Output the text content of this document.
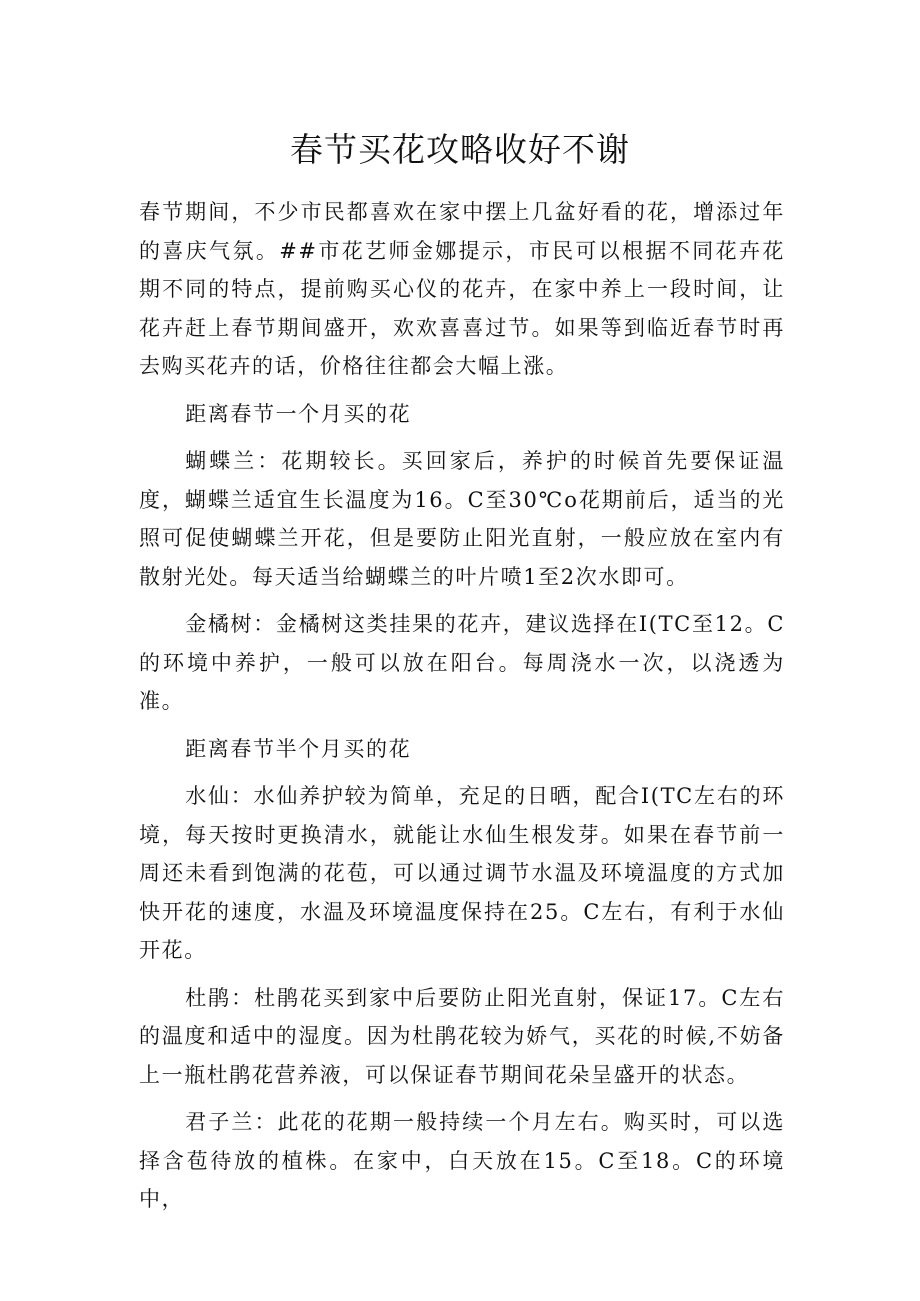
春节买花攻略收好不谢

春节期间，不少市民都喜欢在家中摆上几盆好看的花，增添过年的喜庆气氛。##市花艺师金娜提示，市民可以根据不同花卉花期不同的特点，提前购买心仪的花卉，在家中养上一段时间，让花卉赶上春节期间盛开，欢欢喜喜过节。如果等到临近春节时再去购买花卉的话，价格往往都会大幅上涨。

距离春节一个月买的花

蝴蝶兰：花期较长。买回家后，养护的时候首先要保证温度，蝴蝶兰适宜生长温度为16。C至30℃o花期前后，适当的光照可促使蝴蝶兰开花，但是要防止阳光直射，一般应放在室内有散射光处。每天适当给蝴蝶兰的叶片喷1至2次水即可。

金橘树：金橘树这类挂果的花卉，建议选择在I(TC至12。C的环境中养护，一般可以放在阳台。每周浇水一次，以浇透为准。

距离春节半个月买的花

水仙：水仙养护较为简单，充足的日晒，配合I(TC左右的环境，每天按时更换清水，就能让水仙生根发芽。如果在春节前一周还未看到饱满的花苞，可以通过调节水温及环境温度的方式加快开花的速度，水温及环境温度保持在25。C左右，有利于水仙开花。

杜鹃：杜鹃花买到家中后要防止阳光直射，保证17。C左右的温度和适中的湿度。因为杜鹃花较为娇气，买花的时候,不妨备上一瓶杜鹃花营养液，可以保证春节期间花朵呈盛开的状态。

君子兰：此花的花期一般持续一个月左右。购买时，可以选择含苞待放的植株。在家中，白天放在15。C至18。C的环境中，
